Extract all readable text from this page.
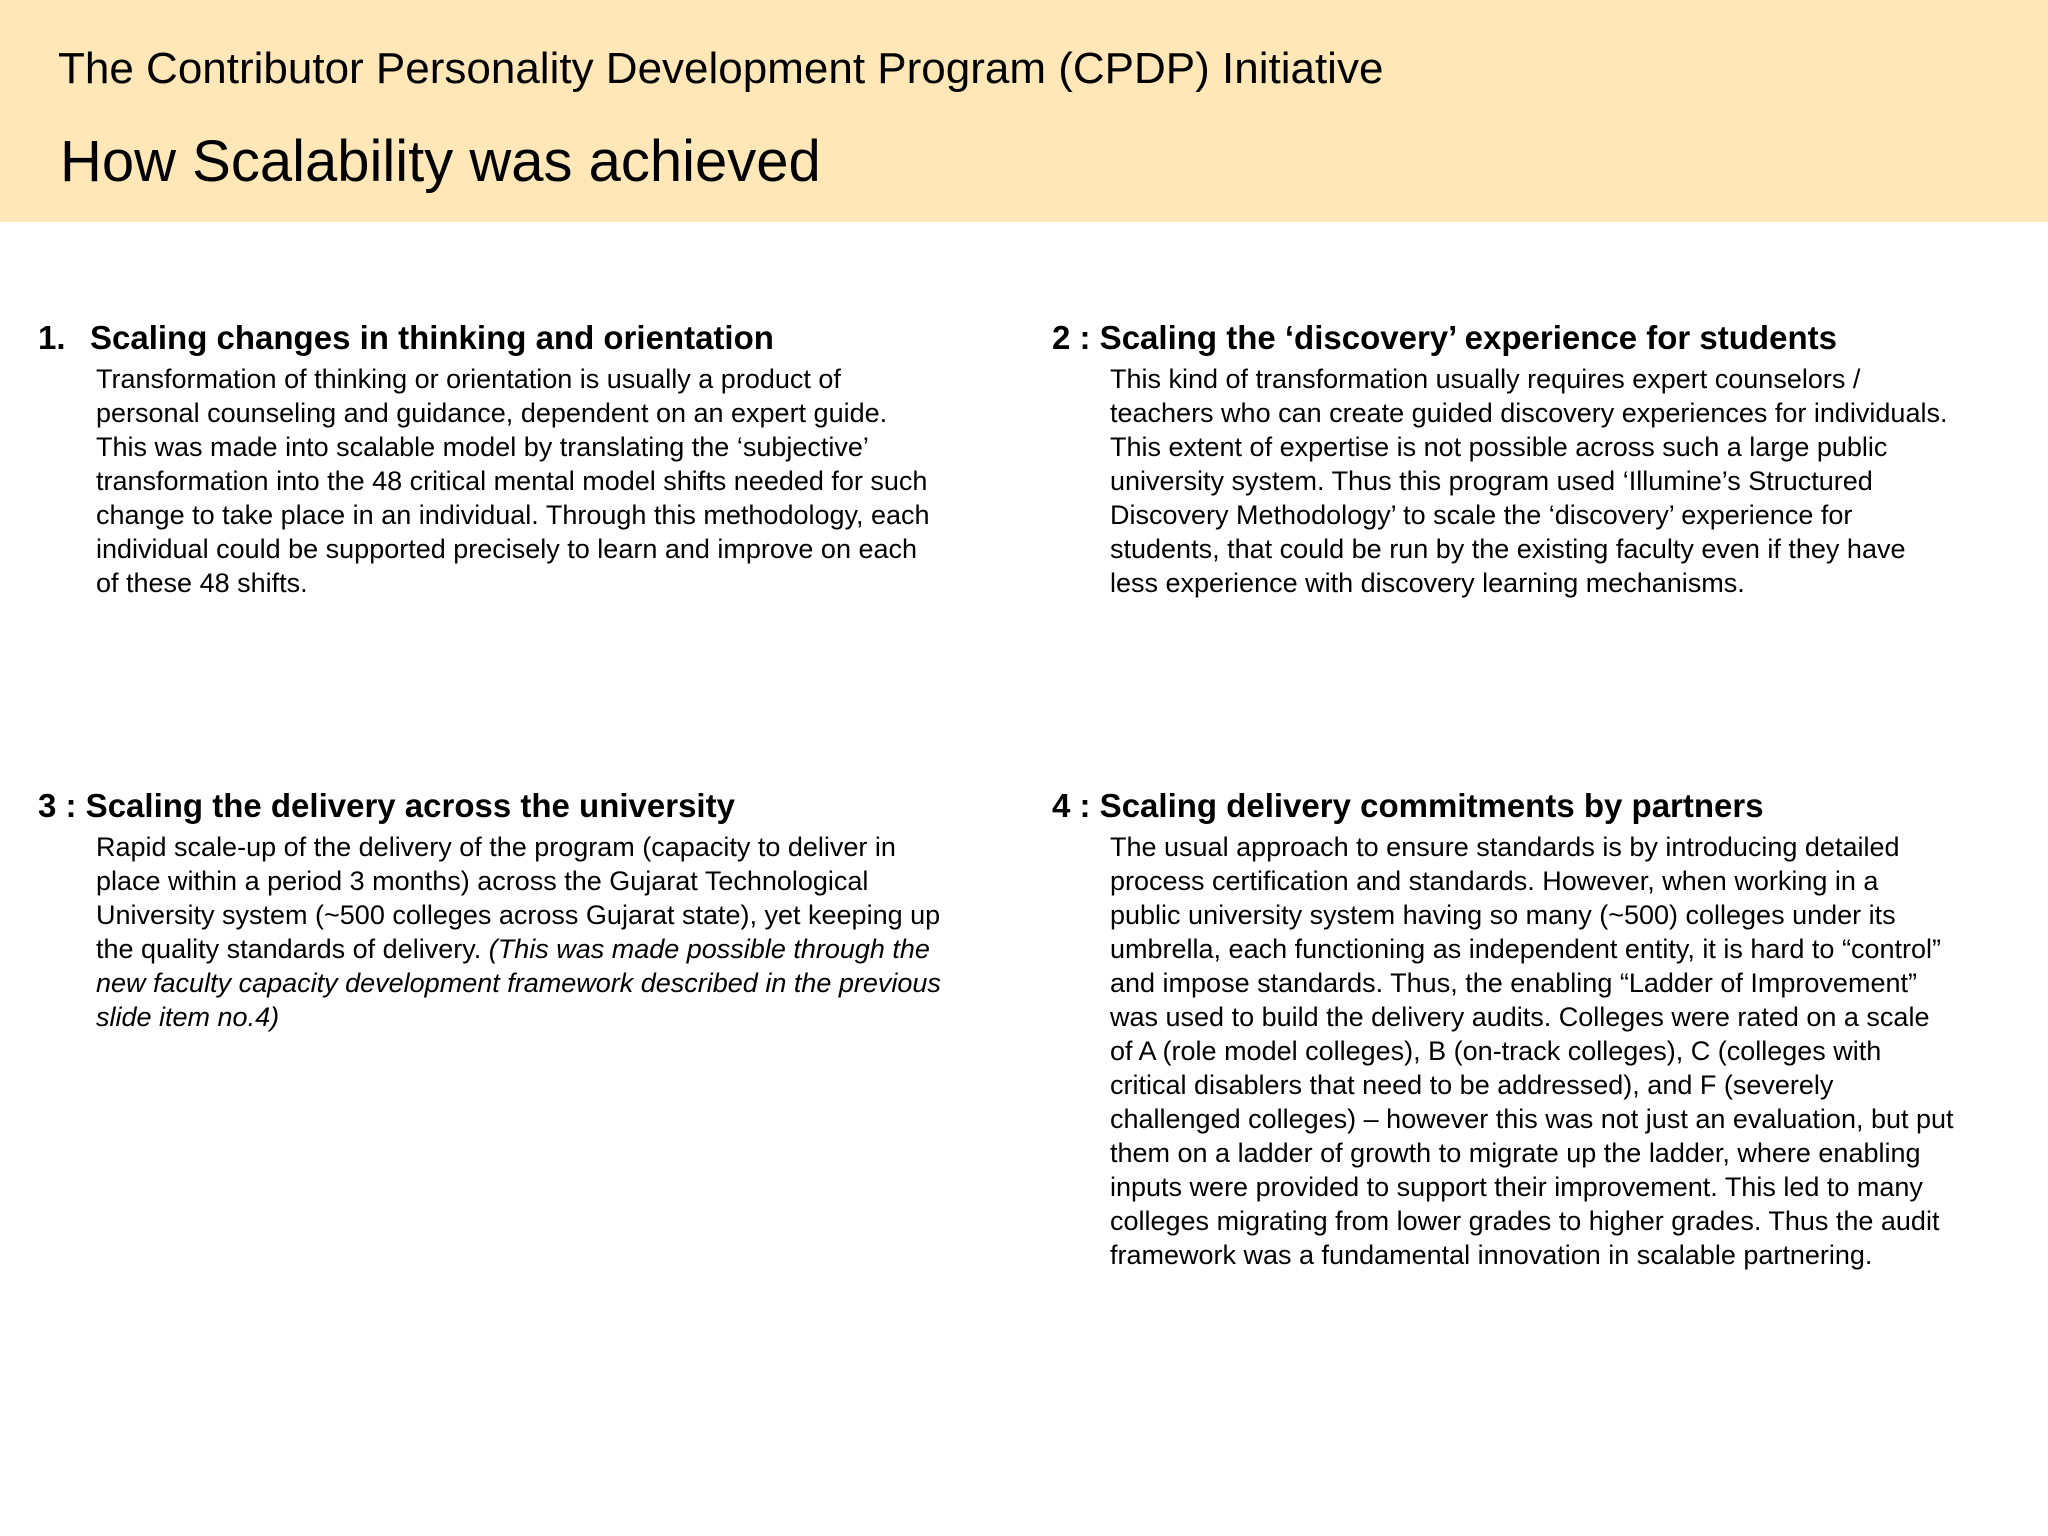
The Contributor Personality Development Program (CPDP) Initiative
How Scalability was achieved
1. Scaling changes in thinking and orientation
Transformation of thinking or orientation is usually a product of
personal counseling and guidance, dependent on an expert guide.
This was made into scalable model by translating the ‘subjective’
transformation into the 48 critical mental model shifts needed for such
change to take place in an individual. Through this methodology, each
individual could be supported precisely to learn and improve on each
of these 48 shifts.
2 : Scaling the ‘discovery’ experience for students
This kind of transformation usually requires expert counselors /
teachers who can create guided discovery experiences for individuals.
This extent of expertise is not possible across such a large public
university system. Thus this program used ‘Illumine’s Structured
Discovery Methodology’ to scale the ‘discovery’ experience for
students, that could be run by the existing faculty even if they have
less experience with discovery learning mechanisms.
3 : Scaling the delivery across the university
Rapid scale-up of the delivery of the program (capacity to deliver in
place within a period 3 months) across the Gujarat Technological
University system (~500 colleges across Gujarat state), yet keeping up
the quality standards of delivery. (This was made possible through the
new faculty capacity development framework described in the previous
slide item no.4)
4 : Scaling delivery commitments by partners
The usual approach to ensure standards is by introducing detailed
process certification and standards. However, when working in a
public university system having so many (~500) colleges under its
umbrella, each functioning as independent entity, it is hard to “control”
and impose standards. Thus, the enabling “Ladder of Improvement”
was used to build the delivery audits. Colleges were rated on a scale
of A (role model colleges), B (on-track colleges), C (colleges with
critical disablers that need to be addressed), and F (severely
challenged colleges) – however this was not just an evaluation, but put
them on a ladder of growth to migrate up the ladder, where enabling
inputs were provided to support their improvement. This led to many
colleges migrating from lower grades to higher grades. Thus the audit
framework was a fundamental innovation in scalable partnering.
